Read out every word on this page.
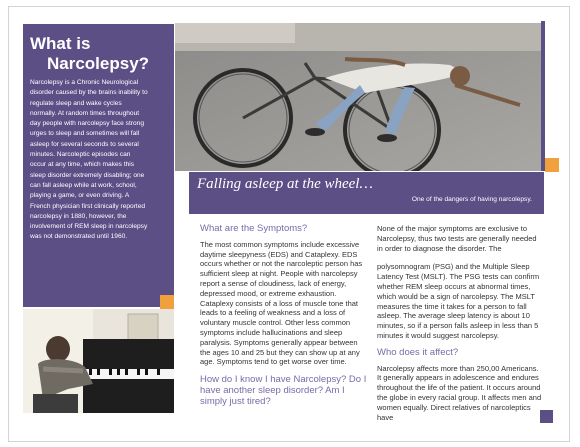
What is
Narcolepsy?

Narcolepsy is a Chronic Neurological disorder caused by the brains inability to regulate sleep and wake cycles normally. At random times throughout day people with narcolepsy face strong urges to sleep and sometimes will fall asleep for several seconds to several minutes. Narcoleptic episodes can occur at any time, which makes this sleep disorder extremely disabling; one can fall asleep while at work, school, playing a game, or even driving. A French physician first clinically reported narcolepsy in 1880, however, the involvement of REM sleep in narcolepsy was not demonstrated until 1960.

Falling asleep at the wheel…
One of the dangers of having narcolepsy.
What are the Symptoms?

The most common symptoms include excessive daytime sleepyness (EDS) and Cataplexy. EDS occurs whether or not the narcoleptic person has sufficient sleep at night. People with narcolepsy report a sense of cloudiness, lack of energy, depressed mood, or extreme exhaustion. Cataplexy consists of a loss of muscle tone that leads to a feeling of weakness and a loss of voluntary muscle control. Other less common symptoms include hallucinations and sleep paralysis. Symptoms generally appear between the ages 10 and 25 but they can show up at any age. Symptoms tend to get worse over time.

How do I know I have Narcolepsy? Do I have another sleep disorder? Am I simply just tired?

None of the major symptoms are exclusive to Narcolepsy, thus two tests are generally needed in order to diagnose the disorder. The

polysomnogram (PSG) and the Multiple Sleep Latency Test (MSLT). The PSG tests can confirm whether REM sleep occurs at abnormal times, which would be a sign of narcolepsy. The MSLT measures the time it takes for a person to fall asleep. The average sleep latency is about 10 minutes, so if a person falls asleep in less than 5 minutes it would suggest narcolepsy.

Who does it affect?

Narcolepsy affects more than 250,00 Americans. It generally appears in adolescence and endures throughout the life of the patient. It occurs around the globe in every racial group. It affects men and women equally. Direct relatives of narcoleptics have
